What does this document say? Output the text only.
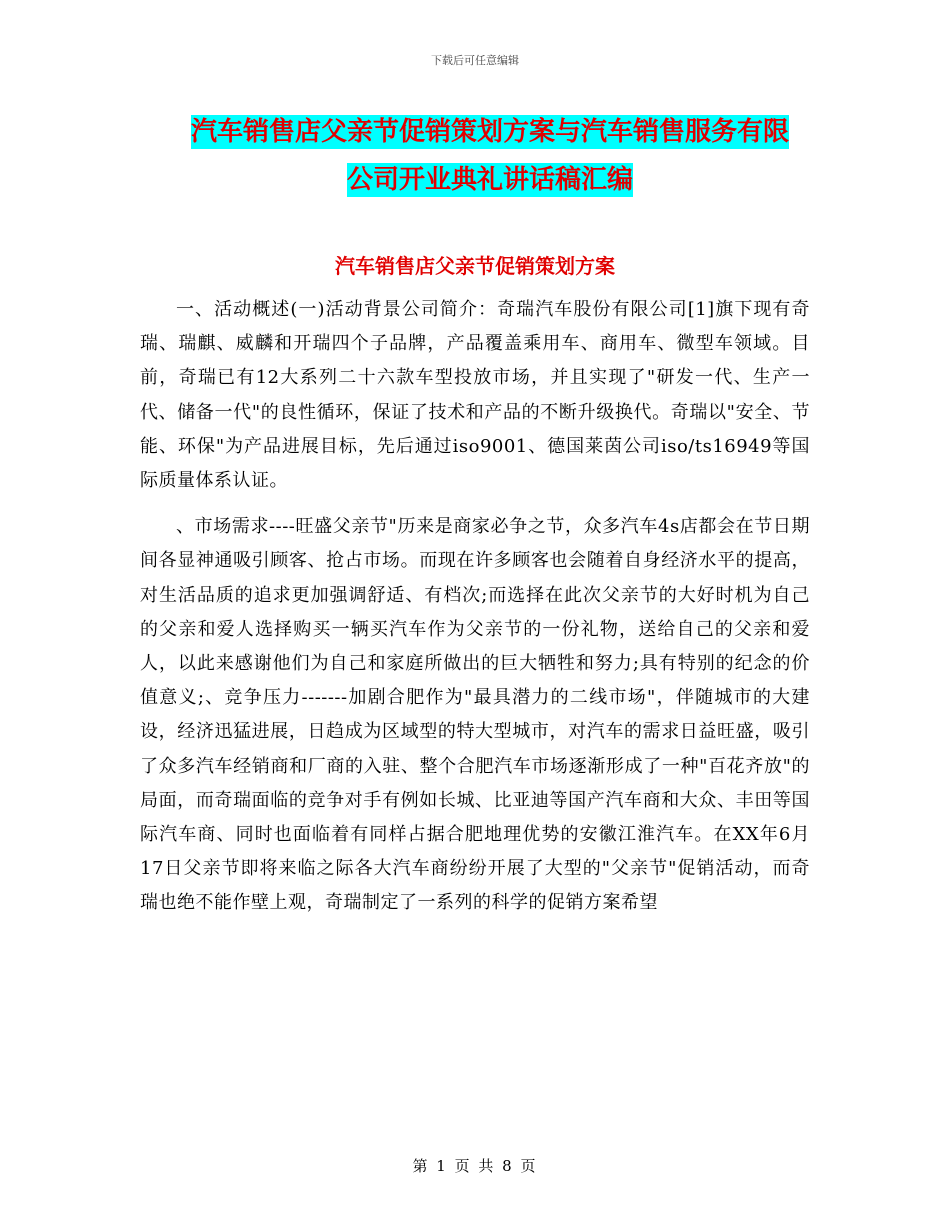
下载后可任意编辑
汽车销售店父亲节促销策划方案与汽车销售服务有限
公司开业典礼讲话稿汇编
汽车销售店父亲节促销策划方案

一、活动概述(一)活动背景公司简介：奇瑞汽车股份有限公司[1]旗下现有奇瑞、瑞麒、威麟和开瑞四个子品牌，产品覆盖乘用车、商用车、微型车领域。目前，奇瑞已有12大系列二十六款车型投放市场，并且实现了"研发一代、生产一代、储备一代"的良性循环，保证了技术和产品的不断升级换代。奇瑞以"安全、节能、环保"为产品进展目标，先后通过iso9001、德国莱茵公司iso/ts16949等国际质量体系认证。

、市场需求----旺盛父亲节"历来是商家必争之节，众多汽车4s店都会在节日期间各显神通吸引顾客、抢占市场。而现在许多顾客也会随着自身经济水平的提高，对生活品质的追求更加强调舒适、有档次;而选择在此次父亲节的大好时机为自己的父亲和爱人选择购买一辆买汽车作为父亲节的一份礼物，送给自己的父亲和爱人，以此来感谢他们为自己和家庭所做出的巨大牺牲和努力;具有特别的纪念的价值意义;、竞争压力-------加剧合肥作为"最具潜力的二线市场"，伴随城市的大建设，经济迅猛进展，日趋成为区域型的特大型城市，对汽车的需求日益旺盛，吸引了众多汽车经销商和厂商的入驻、整个合肥汽车市场逐渐形成了一种"百花齐放"的局面，而奇瑞面临的竞争对手有例如长城、比亚迪等国产汽车商和大众、丰田等国际汽车商、同时也面临着有同样占据合肥地理优势的安徽江淮汽车。在XX年6月17日父亲节即将来临之际各大汽车商纷纷开展了大型的"父亲节"促销活动，而奇瑞也绝不能作壁上观，奇瑞制定了一系列的科学的促销方案希望

第 1 页 共 8 页
